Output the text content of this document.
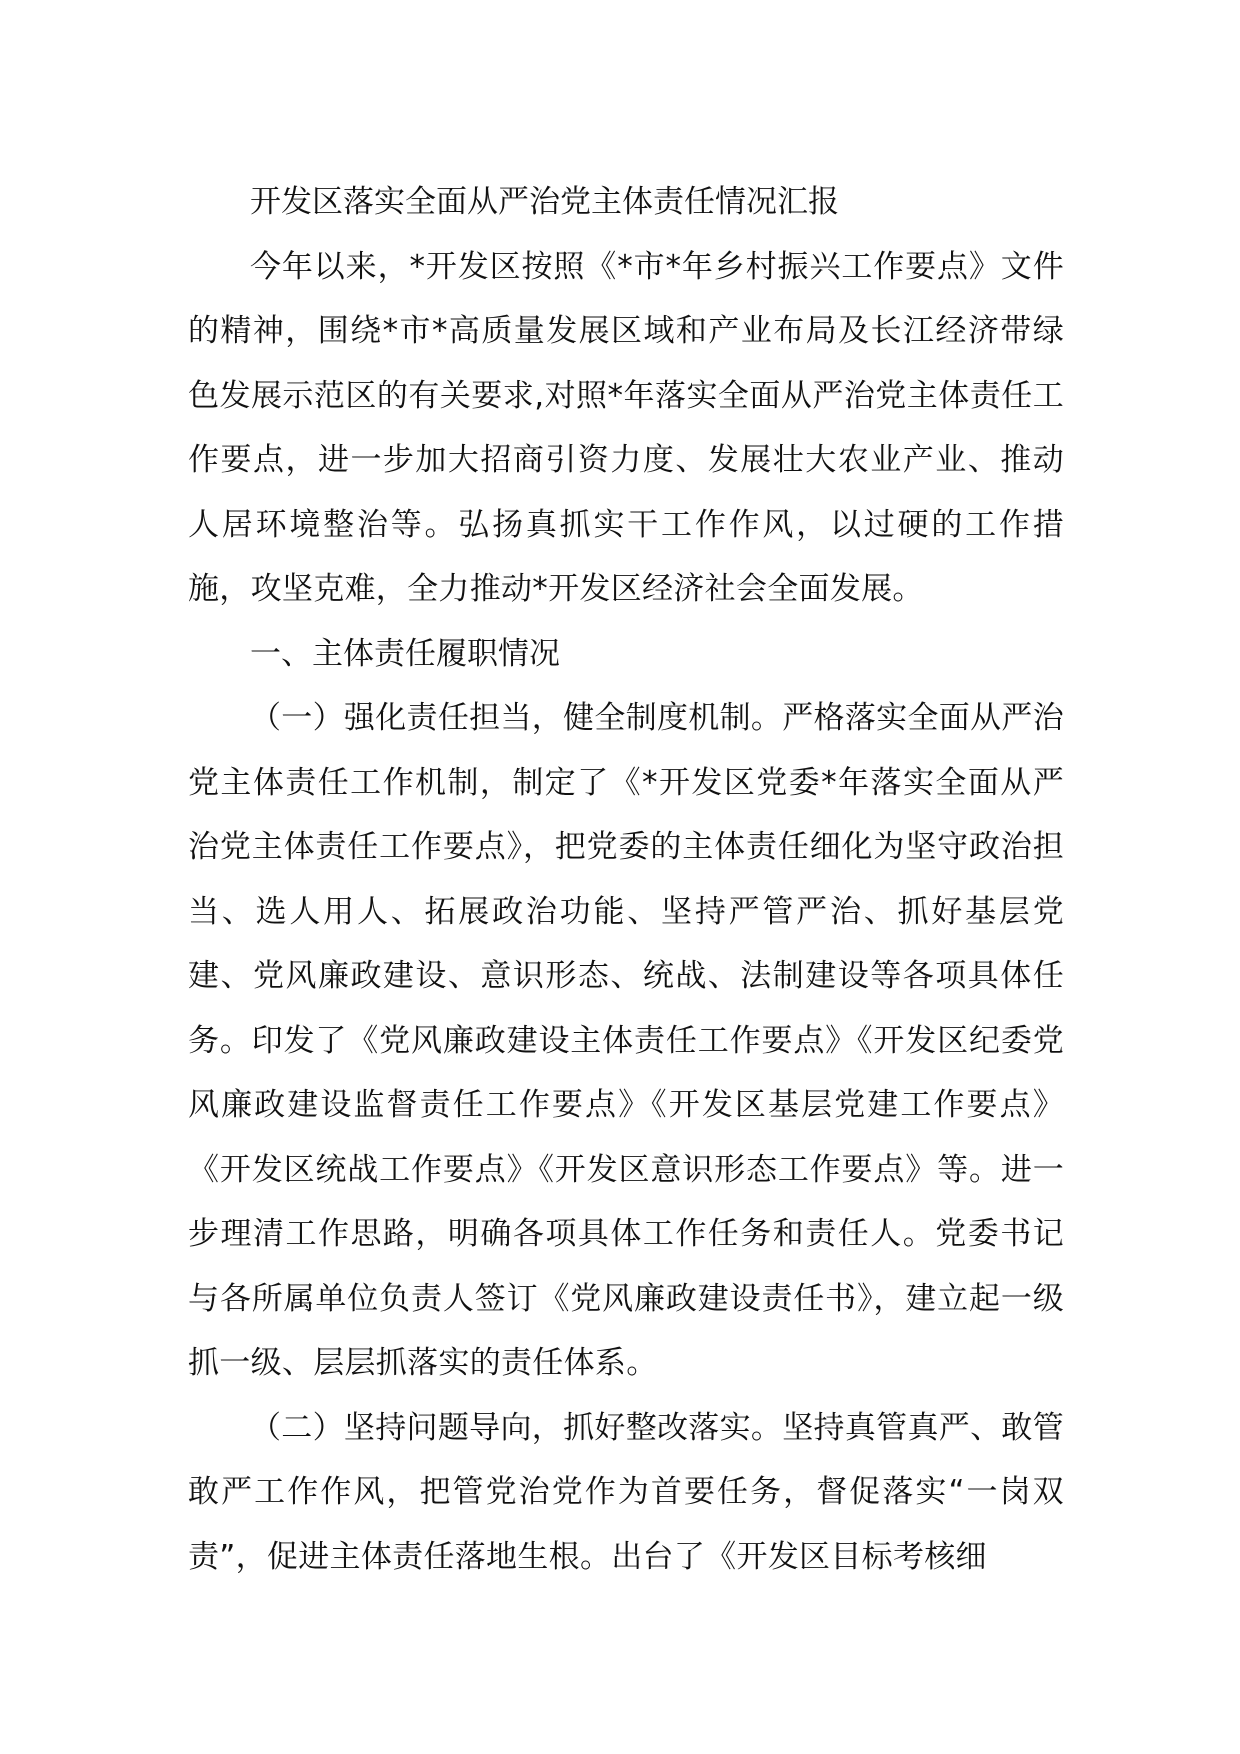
开发区落实全面从严治党主体责任情况汇报

今年以来，*开发区按照《*市*年乡村振兴工作要点》文件的精神，围绕*市*高质量发展区域和产业布局及长江经济带绿色发展示范区的有关要求,对照*年落实全面从严治党主体责任工作要点，进一步加大招商引资力度、发展壮大农业产业、推动人居环境整治等。弘扬真抓实干工作作风，以过硬的工作措施，攻坚克难，全力推动*开发区经济社会全面发展。

一、主体责任履职情况

（一）强化责任担当，健全制度机制。严格落实全面从严治党主体责任工作机制，制定了《*开发区党委*年落实全面从严治党主体责任工作要点》，把党委的主体责任细化为坚守政治担当、选人用人、拓展政治功能、坚持严管严治、抓好基层党建、党风廉政建设、意识形态、统战、法制建设等各项具体任务。印发了《党风廉政建设主体责任工作要点》《开发区纪委党风廉政建设监督责任工作要点》《开发区基层党建工作要点》《开发区统战工作要点》《开发区意识形态工作要点》等。进一步理清工作思路，明确各项具体工作任务和责任人。党委书记与各所属单位负责人签订《党风廉政建设责任书》，建立起一级抓一级、层层抓落实的责任体系。

（二）坚持问题导向，抓好整改落实。坚持真管真严、敢管敢严工作作风，把管党治党作为首要任务，督促落实“一岗双责”，促进主体责任落地生根。出台了《开发区目标考核细
